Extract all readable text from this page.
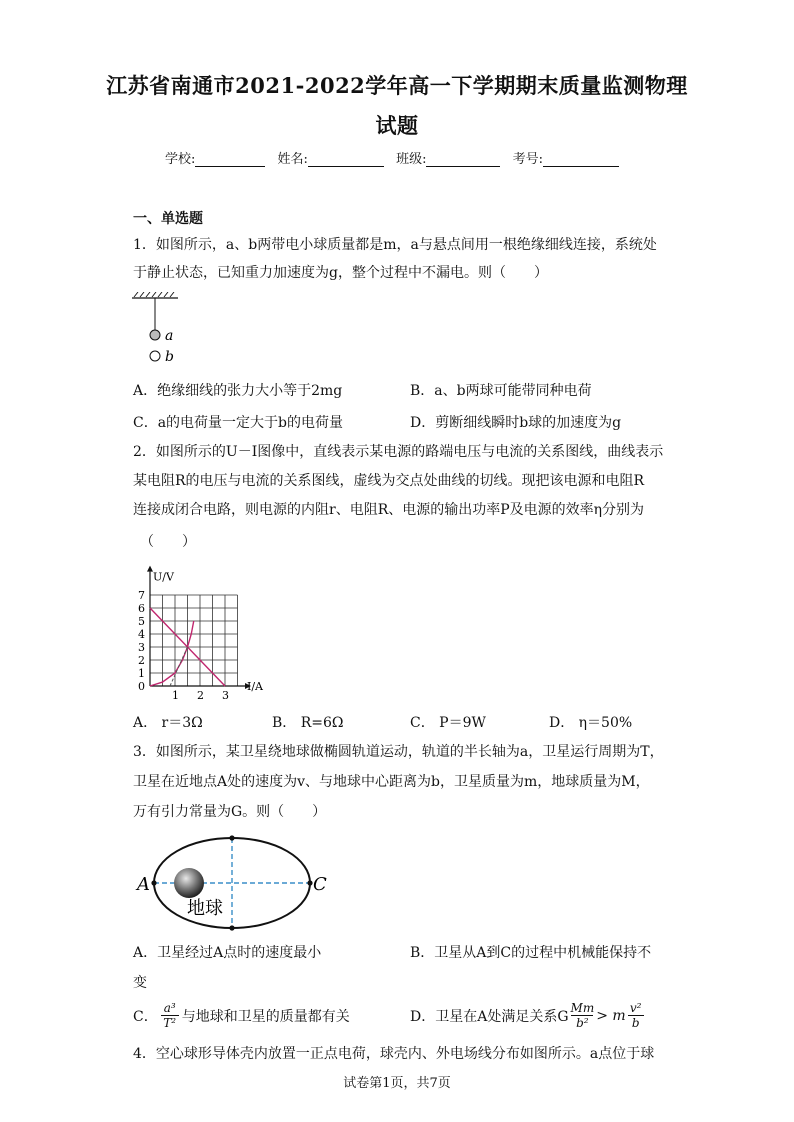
江苏省南通市2021-2022学年高一下学期期末质量监测物理
试题
学校:	姓名:	班级:	考号:
一、单选题
1．如图所示，a、b两带电小球质量都是m，a与悬点间用一根绝缘细线连接，系统处
于静止状态，已知重力加速度为g，整个过程中不漏电。则（　　）
a
b
A．绝缘细线的张力大小等于2mg	B．a、b两球可能带同种电荷
C．a的电荷量一定大于b的电荷量	D．剪断细线瞬时b球的加速度为g
2．如图所示的U－I图像中，直线表示某电源的路端电压与电流的关系图线，曲线表示
某电阻R的电压与电流的关系图线，虚线为交点处曲线的切线。现把该电源和电阻R
连接成闭合电路，则电源的内阻r、电阻R、电源的输出功率P及电源的效率η分别为
（　　）
1
2
3
4
5
6
7
1 2 3
U/V
I/A
0
A． r＝3Ω	B． R=6Ω	C． P＝9W	D． η＝50%
3．如图所示，某卫星绕地球做椭圆轨道运动，轨道的半长轴为a，卫星运行周期为T，
卫星在近地点A处的速度为v、与地球中心距离为b，卫星质量为m，地球质量为M，
万有引力常量为G。则（　　）
A	C
地球
A．卫星经过A点时的速度最小	B．卫星从A到C的过程中机械能保持不
变
C．
a³
T² 与地球和卫星的质量都有关	D．卫星在A处满足关系G
Mm
b² > m v²
b
4．空心球形导体壳内放置一正点电荷，球壳内、外电场线分布如图所示。a点位于球
试卷第1页，共7页
